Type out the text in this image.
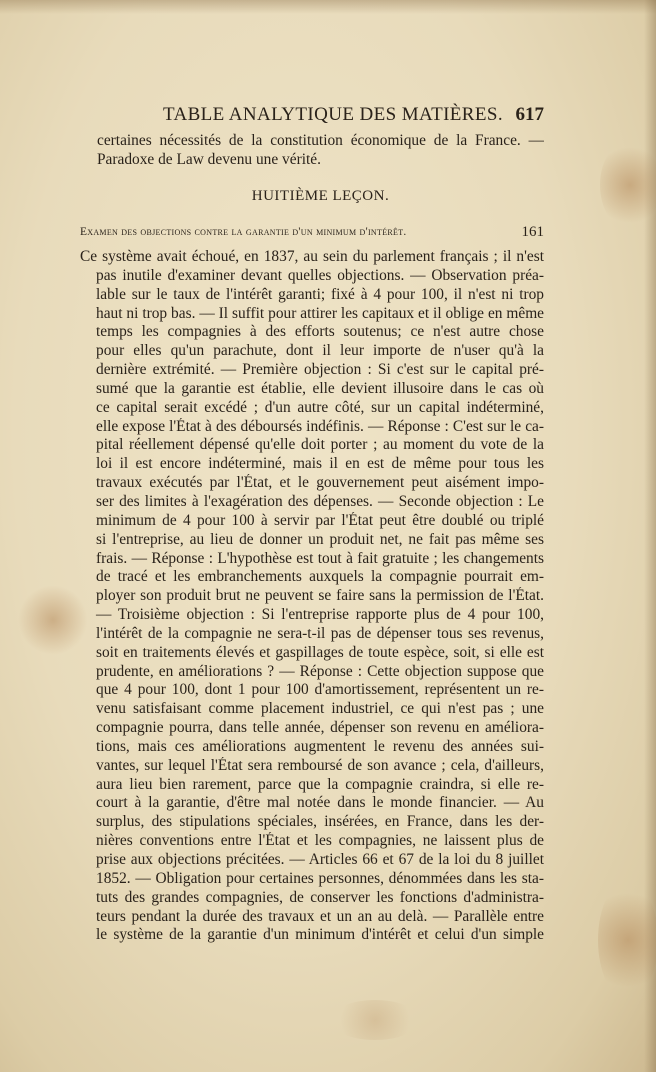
TABLE ANALYTIQUE DES MATIÈRES. 617
certaines nécessités de la constitution économique de la France. —
Paradoxe de Law devenu une vérité.
HUITIÈME LEÇON.
Examen des objections contre la garantie d'un minimum d'intérêt.	161
Ce système avait échoué, en 1837, au sein du parlement français ; il n'est
pas inutile d'examiner devant quelles objections. — Observation préa-
lable sur le taux de l'intérêt garanti; fixé à 4 pour 100, il n'est ni trop
haut ni trop bas. — Il suffit pour attirer les capitaux et il oblige en même
temps les compagnies à des efforts soutenus; ce n'est autre chose
pour elles qu'un parachute, dont il leur importe de n'user qu'à la
dernière extrémité. — Première objection : Si c'est sur le capital pré-
sumé que la garantie est établie, elle devient illusoire dans le cas où
ce capital serait excédé ; d'un autre côté, sur un capital indéterminé,
elle expose l'État à des déboursés indéfinis. — Réponse : C'est sur le ca-
pital réellement dépensé qu'elle doit porter ; au moment du vote de la
loi il est encore indéterminé, mais il en est de même pour tous les
travaux exécutés par l'État, et le gouvernement peut aisément impo-
ser des limites à l'exagération des dépenses. — Seconde objection : Le
minimum de 4 pour 100 à servir par l'État peut être doublé ou triplé
si l'entreprise, au lieu de donner un produit net, ne fait pas même ses
frais. — Réponse : L'hypothèse est tout à fait gratuite ; les changements
de tracé et les embranchements auxquels la compagnie pourrait em-
ployer son produit brut ne peuvent se faire sans la permission de l'État.
— Troisième objection : Si l'entreprise rapporte plus de 4 pour 100,
l'intérêt de la compagnie ne sera-t-il pas de dépenser tous ses revenus,
soit en traitements élevés et gaspillages de toute espèce, soit, si elle est
prudente, en améliorations ? — Réponse : Cette objection suppose que
que 4 pour 100, dont 1 pour 100 d'amortissement, représentent un re-
venu satisfaisant comme placement industriel, ce qui n'est pas ; une
compagnie pourra, dans telle année, dépenser son revenu en améliora-
tions, mais ces améliorations augmentent le revenu des années sui-
vantes, sur lequel l'État sera remboursé de son avance ; cela, d'ailleurs,
aura lieu bien rarement, parce que la compagnie craindra, si elle re-
court à la garantie, d'être mal notée dans le monde financier. — Au
surplus, des stipulations spéciales, insérées, en France, dans les der-
nières conventions entre l'État et les compagnies, ne laissent plus de
prise aux objections précitées. — Articles 66 et 67 de la loi du 8 juillet
1852. — Obligation pour certaines personnes, dénommées dans les sta-
tuts des grandes compagnies, de conserver les fonctions d'administra-
teurs pendant la durée des travaux et un an au delà. — Parallèle entre
le système de la garantie d'un minimum d'intérêt et celui d'un simple
